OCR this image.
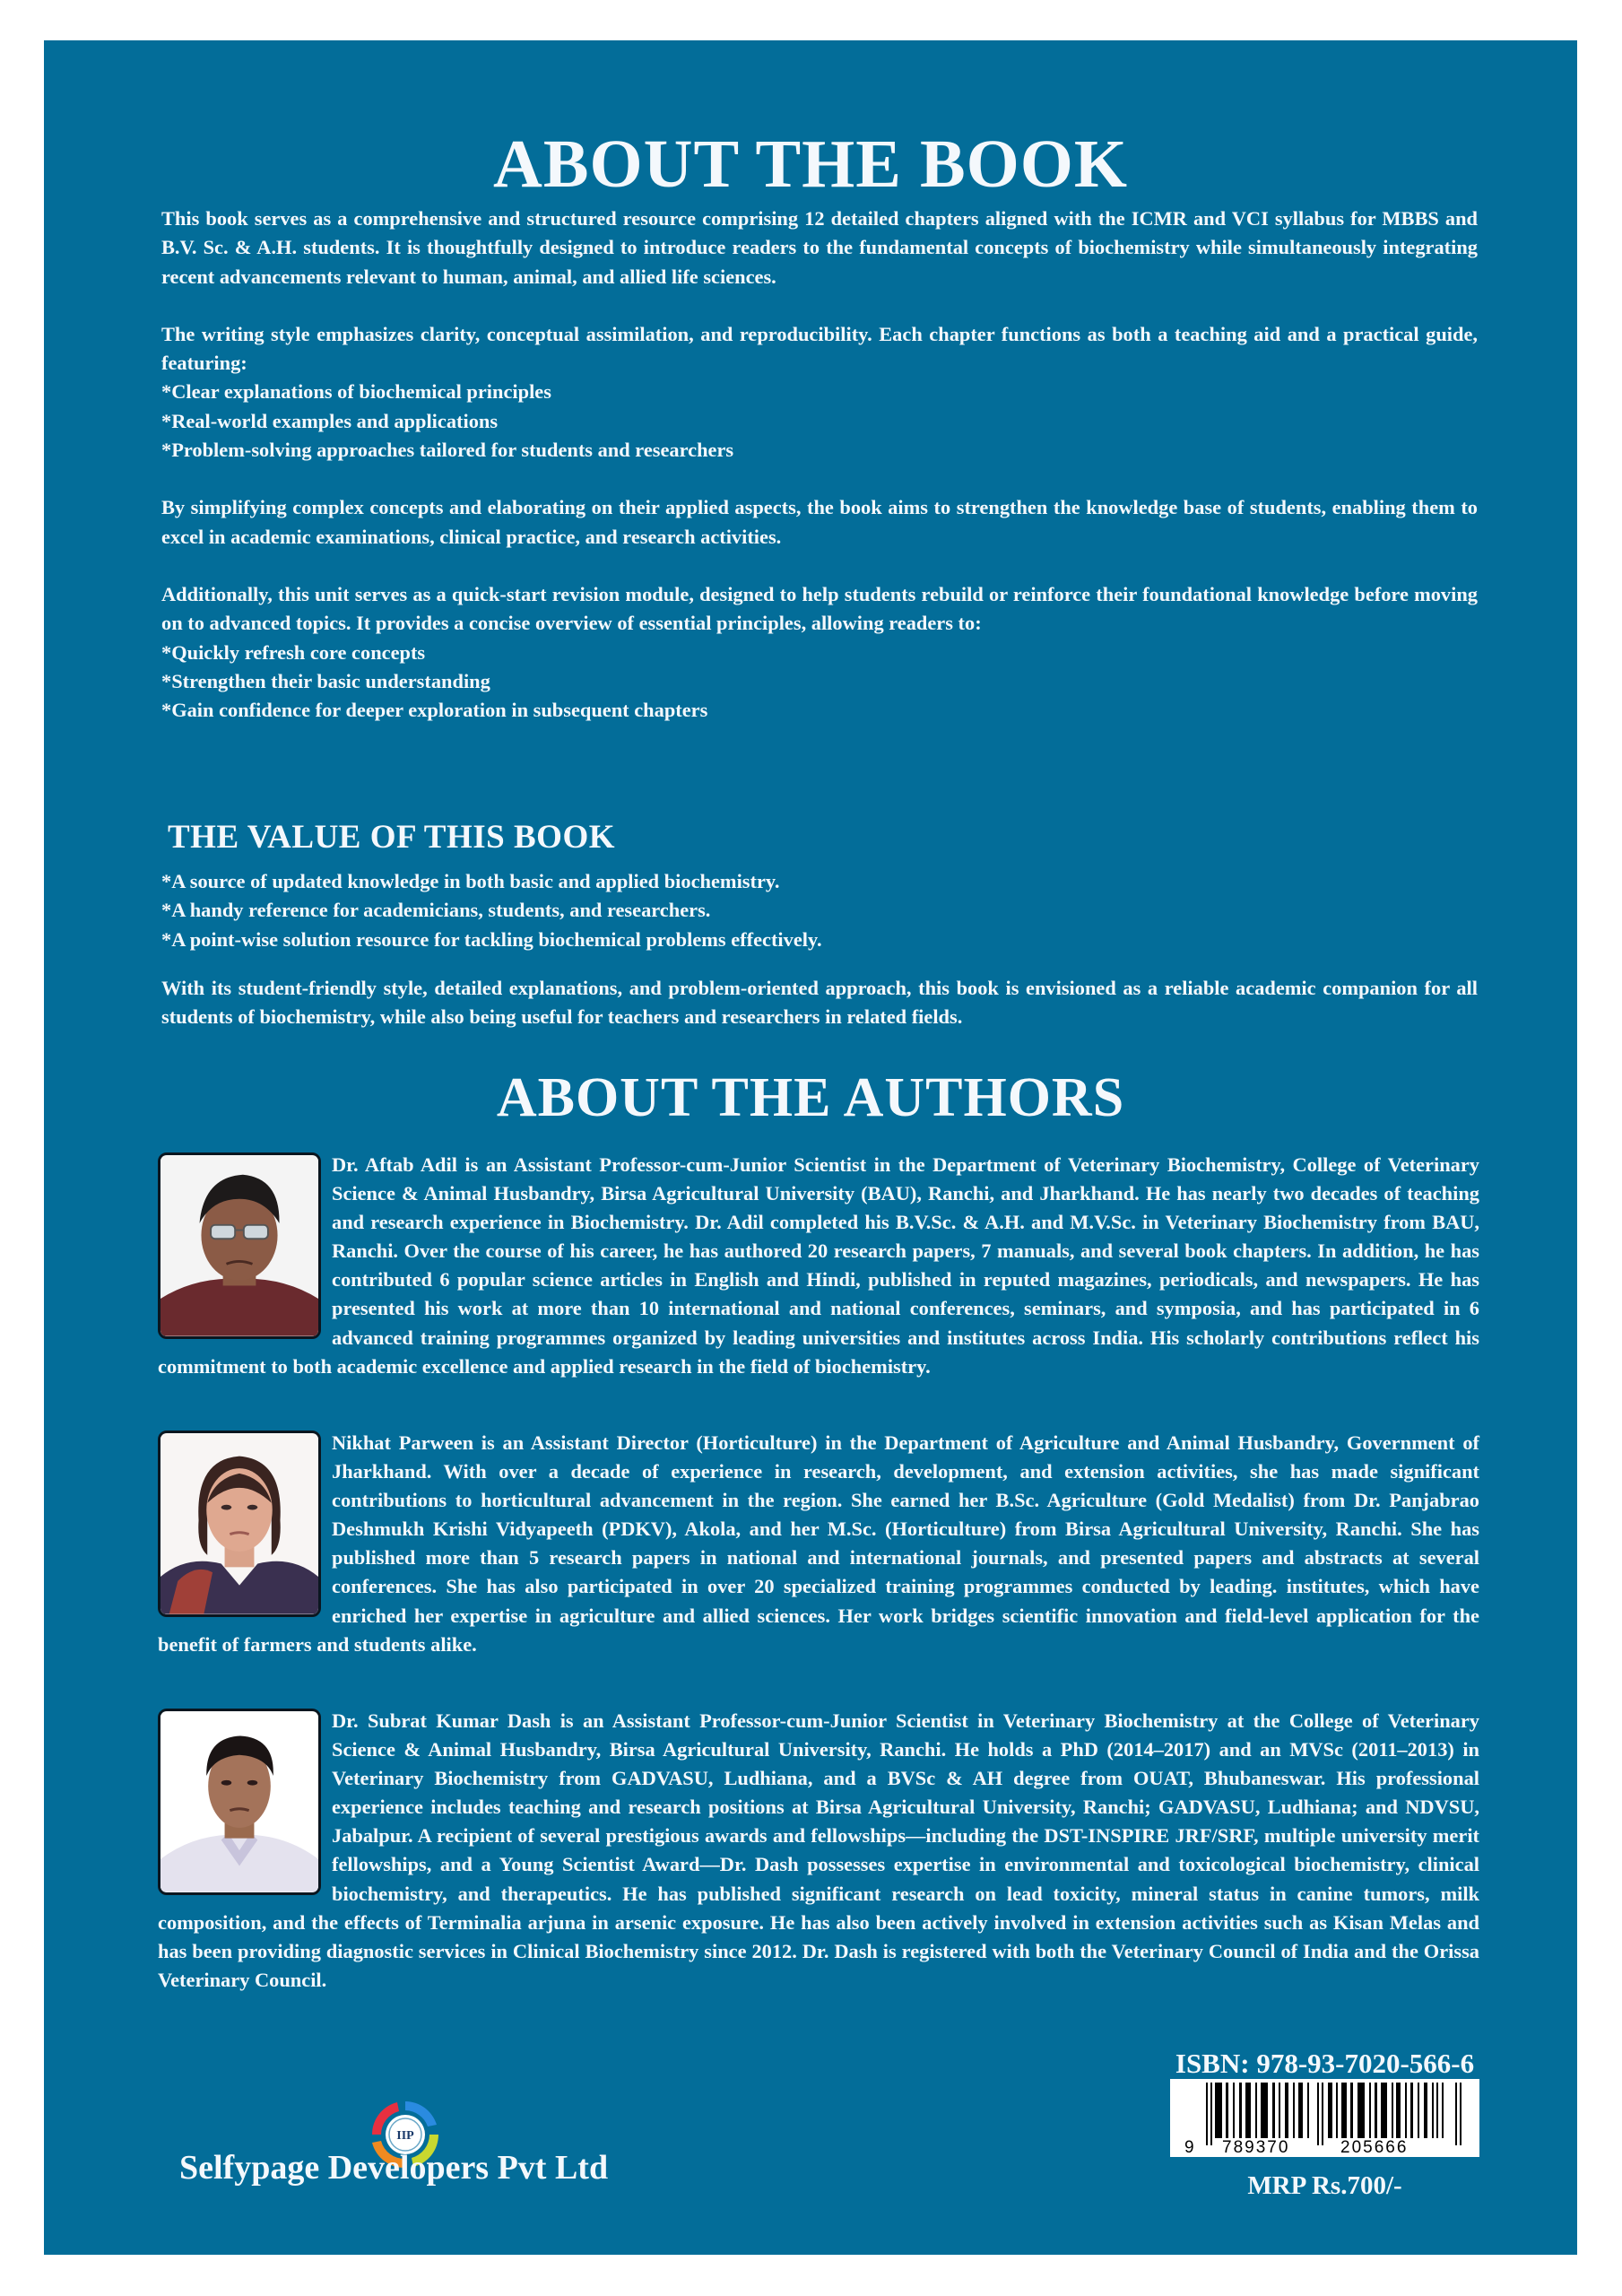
ABOUT THE BOOK

This book serves as a comprehensive and structured resource comprising 12 detailed chapters aligned with the ICMR and VCI syllabus for MBBS and B.V. Sc. & A.H. students. It is thoughtfully designed to introduce readers to the fundamental concepts of biochemistry while simultaneously integrating recent advancements relevant to human, animal, and allied life sciences.

The writing style emphasizes clarity, conceptual assimilation, and reproducibility. Each chapter functions as both a teaching aid and a practical guide, featuring:

*Clear explanations of biochemical principles
*Real-world examples and applications
*Problem-solving approaches tailored for students and researchers

By simplifying complex concepts and elaborating on their applied aspects, the book aims to strengthen the knowledge base of students, enabling them to excel in academic examinations, clinical practice, and research activities.

Additionally, this unit serves as a quick-start revision module, designed to help students rebuild or reinforce their foundational knowledge before moving on to advanced topics. It provides a concise overview of essential principles, allowing readers to:

*Quickly refresh core concepts
*Strengthen their basic understanding
*Gain confidence for deeper exploration in subsequent chapters
THE VALUE OF THIS BOOK
*A source of updated knowledge in both basic and applied biochemistry.
*A handy reference for academicians, students, and researchers.
*A point-wise solution resource for tackling biochemical problems effectively.

With its student-friendly style, detailed explanations, and problem-oriented approach, this book is envisioned as a reliable academic companion for all students of biochemistry, while also being useful for teachers and researchers in related fields.

ABOUT THE AUTHORS
Dr. Aftab Adil is an Assistant Professor-cum-Junior Scientist in the Department of Veterinary Biochemistry, College of Veterinary Science & Animal Husbandry, Birsa Agricultural University (BAU), Ranchi, and Jharkhand. He has nearly two decades of teaching and research experience in Biochemistry. Dr. Adil completed his B.V.Sc. & A.H. and M.V.Sc. in Veterinary Biochemistry from BAU, Ranchi. Over the course of his career, he has authored 20 research papers, 7 manuals, and several book chapters. In addition, he has contributed 6 popular science articles in English and Hindi, published in reputed magazines, periodicals, and newspapers. He has presented his work at more than 10 international and national conferences, seminars, and symposia, and has participated in 6 advanced training programmes organized by leading universities and institutes across India. His scholarly contributions reflect his commitment to both academic excellence and applied research in the field of biochemistry.
Nikhat Parween is an Assistant Director (Horticulture) in the Department of Agriculture and Animal Husbandry, Government of Jharkhand. With over a decade of experience in research, development, and extension activities, she has made significant contributions to horticultural advancement in the region. She earned her B.Sc. Agriculture (Gold Medalist) from Dr. Panjabrao Deshmukh Krishi Vidyapeeth (PDKV), Akola, and her M.Sc. (Horticulture) from Birsa Agricultural University, Ranchi. She has published more than 5 research papers in national and international journals, and presented papers and abstracts at several conferences. She has also participated in over 20 specialized training programmes conducted by leading. institutes, which have enriched her expertise in agriculture and allied sciences. Her work bridges scientific innovation and field-level application for the benefit of farmers and students alike.
Dr. Subrat Kumar Dash is an Assistant Professor-cum-Junior Scientist in Veterinary Biochemistry at the College of Veterinary Science & Animal Husbandry, Birsa Agricultural University, Ranchi. He holds a PhD (2014–2017) and an MVSc (2011–2013) in Veterinary Biochemistry from GADVASU, Ludhiana, and a BVSc & AH degree from OUAT, Bhubaneswar. His professional experience includes teaching and research positions at Birsa Agricultural University, Ranchi; GADVASU, Ludhiana; and NDVSU, Jabalpur. A recipient of several prestigious awards and fellowships—including the DST-INSPIRE JRF/SRF, multiple university merit fellowships, and a Young Scientist Award—Dr. Dash possesses expertise in environmental and toxicological biochemistry, clinical biochemistry, and therapeutics. He has published significant research on lead toxicity, mineral status in canine tumors, milk composition, and the effects of Terminalia arjuna in arsenic exposure. He has also been actively involved in extension activities such as Kisan Melas and has been providing diagnostic services in Clinical Biochemistry since 2012. Dr. Dash is registered with both the Veterinary Council of India and the Orissa Veterinary Council.
IIP
Selfypage Developers Pvt Ltd
ISBN: 978-93-7020-566-6
9 789370	205666
MRP Rs.700/-
